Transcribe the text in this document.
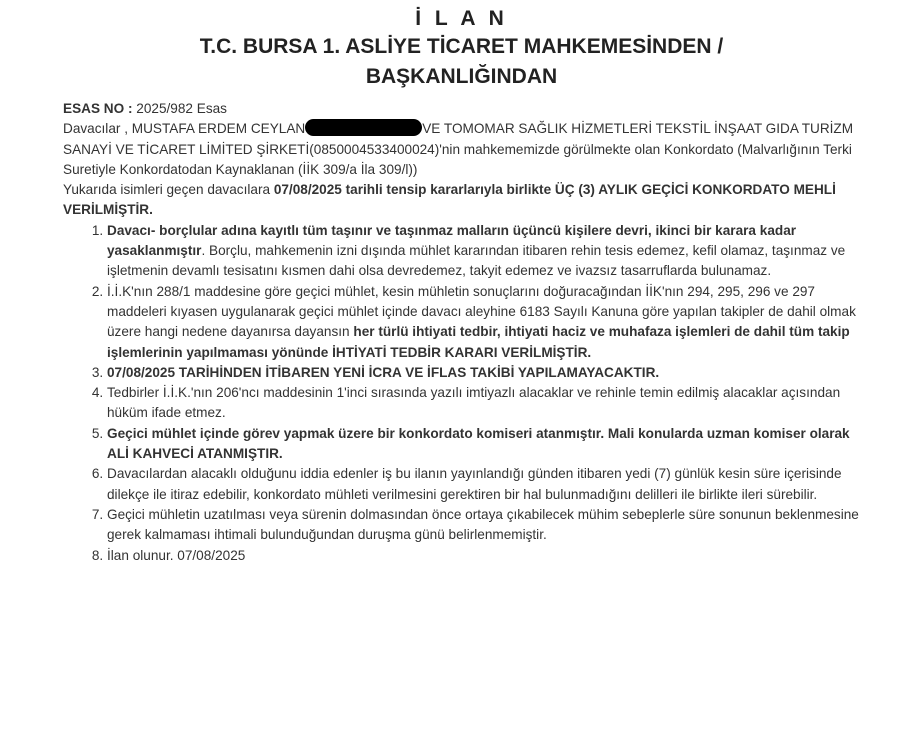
İ L A N
T.C. BURSA 1. ASLİYE TİCARET MAHKEMESİNDEN / BAŞKANLIĞINDAN

ESAS NO : 2025/982 Esas

Davacılar , MUSTAFA ERDEM CEYLAN	VE TOMOMAR SAĞLIK HİZMETLERİ TEKSTİL İNŞAAT GIDA TURİZM SANAYİ VE TİCARET LİMİTED ŞİRKETİ(0850004533400024)'nin mahkememizde görülmekte olan Konkordato (Malvarlığının Terki Suretiyle Konkordatodan Kaynaklanan (İİK 309/a İla 309/l))

Yukarıda isimleri geçen davacılara 07/08/2025 tarihli tensip kararlarıyla birlikte ÜÇ (3) AYLIK GEÇİCİ KONKORDATO MEHLİ VERİLMİŞTİR.

1. Davacı- borçlular adına kayıtlı tüm taşınır ve taşınmaz malların üçüncü kişilere devri, ikinci bir karara kadar yasaklanmıştır. Borçlu, mahkemenin izni dışında mühlet kararından itibaren rehin tesis edemez, kefil olamaz, taşınmaz ve işletmenin devamlı tesisatını kısmen dahi olsa devredemez, takyit edemez ve ivazsız tasarruflarda bulunamaz.
2. İ.İ.K'nın 288/1 maddesine göre geçici mühlet, kesin mühletin sonuçlarını doğuracağından İİK'nın 294, 295, 296 ve 297 maddeleri kıyasen uygulanarak geçici mühlet içinde davacı aleyhine 6183 Sayılı Kanuna göre yapılan takipler de dahil olmak üzere hangi nedene dayanırsa dayansın her türlü ihtiyati tedbir, ihtiyati haciz ve muhafaza işlemleri de dahil tüm takip işlemlerinin yapılmaması yönünde İHTİYATİ TEDBİR KARARI VERİLMİŞTİR.
3. 07/08/2025 TARİHİNDEN İTİBAREN YENİ İCRA VE İFLAS TAKİBİ YAPILAMAYACAKTIR.
4. Tedbirler İ.İ.K.'nın 206'ncı maddesinin 1'inci sırasında yazılı imtiyazlı alacaklar ve rehinle temin edilmiş alacaklar açısından hüküm ifade etmez.
5. Geçici mühlet içinde görev yapmak üzere bir konkordato komiseri atanmıştır. Mali konularda uzman komiser olarak ALİ KAHVECİ ATANMIŞTIR.
6. Davacılardan alacaklı olduğunu iddia edenler iş bu ilanın yayınlandığı günden itibaren yedi (7) günlük kesin süre içerisinde dilekçe ile itiraz edebilir, konkordato mühleti verilmesini gerektiren bir hal bulunmadığını delilleri ile birlikte ileri sürebilir.
7. Geçici mühletin uzatılması veya sürenin dolmasından önce ortaya çıkabilecek mühim sebeplerle süre sonunun beklenmesine gerek kalmaması ihtimali bulunduğundan duruşma günü belirlenmemiştir.
8. İlan olunur. 07/08/2025
